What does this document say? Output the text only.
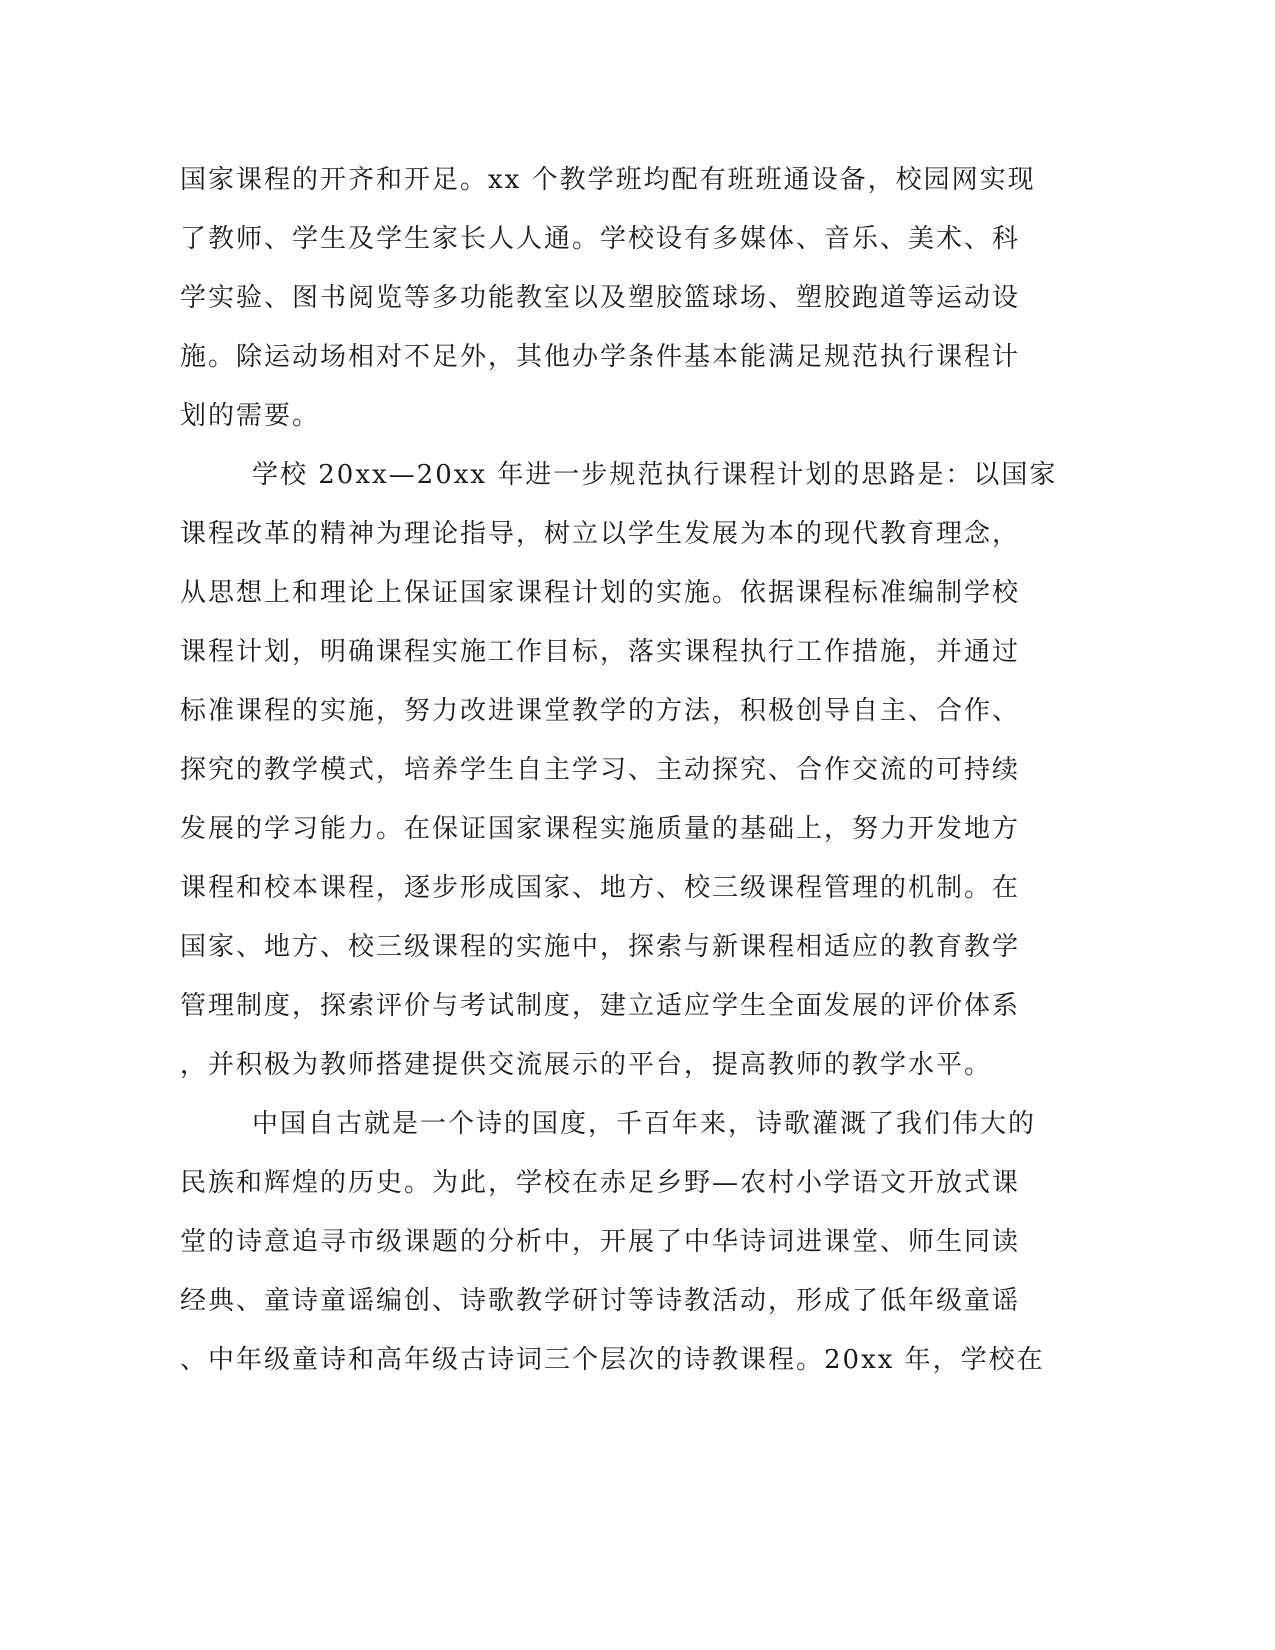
国家课程的开齐和开足。xx 个教学班均配有班班通设备，校园网实现
了教师、学生及学生家长人人通。学校设有多媒体、音乐、美术、科
学实验、图书阅览等多功能教室以及塑胶篮球场、塑胶跑道等运动设
施。除运动场相对不足外，其他办学条件基本能满足规范执行课程计
划的需要。
学校 20xx—20xx 年进一步规范执行课程计划的思路是：以国家
课程改革的精神为理论指导，树立以学生发展为本的现代教育理念，
从思想上和理论上保证国家课程计划的实施。依据课程标准编制学校
课程计划，明确课程实施工作目标，落实课程执行工作措施，并通过
标准课程的实施，努力改进课堂教学的方法，积极创导自主、合作、
探究的教学模式，培养学生自主学习、主动探究、合作交流的可持续
发展的学习能力。在保证国家课程实施质量的基础上，努力开发地方
课程和校本课程，逐步形成国家、地方、校三级课程管理的机制。在
国家、地方、校三级课程的实施中，探索与新课程相适应的教育教学
管理制度，探索评价与考试制度，建立适应学生全面发展的评价体系
，并积极为教师搭建提供交流展示的平台，提高教师的教学水平。
中国自古就是一个诗的国度，千百年来，诗歌灌溉了我们伟大的
民族和辉煌的历史。为此，学校在赤足乡野—农村小学语文开放式课
堂的诗意追寻市级课题的分析中，开展了中华诗词进课堂、师生同读
经典、童诗童谣编创、诗歌教学研讨等诗教活动，形成了低年级童谣
、中年级童诗和高年级古诗词三个层次的诗教课程。20xx 年，学校在
